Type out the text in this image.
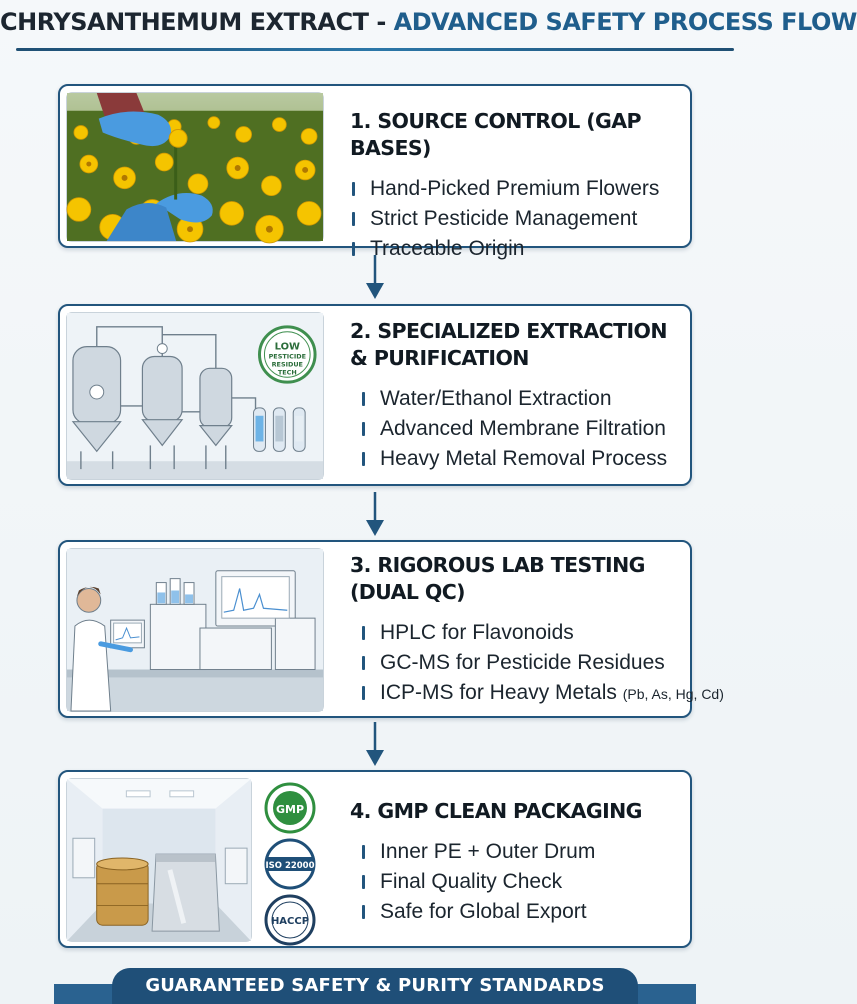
CHRYSANTHEMUM EXTRACT - ADVANCED SAFETY PROCESS FLOW
1. SOURCE CONTROL (GAP BASES)
Hand-Picked Premium Flowers
Strict Pesticide Management
Traceable Origin
LOW
PESTICIDE
RESIDUE
TECH
2. SPECIALIZED EXTRACTION
& PURIFICATION
Water/Ethanol Extraction
Advanced Membrane Filtration
Heavy Metal Removal Process
3. RIGOROUS LAB TESTING
(DUAL QC)
HPLC for Flavonoids
GC-MS for Pesticide Residues
ICP-MS for Heavy Metals (Pb, As, Hg, Cd)
GMP
ISO 22000
HACCP
4. GMP CLEAN PACKAGING
Inner PE + Outer Drum
Final Quality Check
Safe for Global Export
GUARANTEED SAFETY & PURITY STANDARDS
